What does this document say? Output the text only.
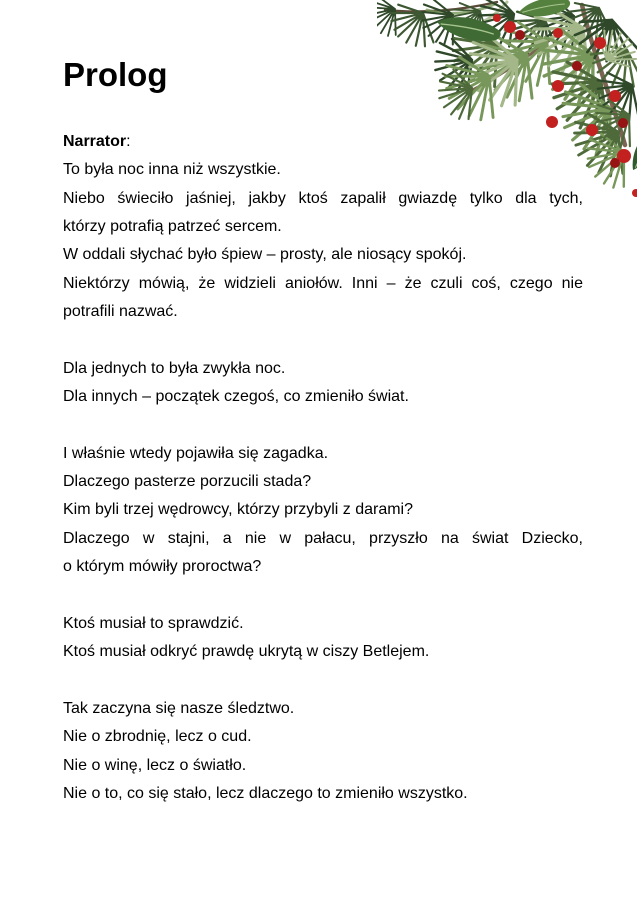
Prolog
Narrator:
To była noc inna niż wszystkie.
Niebo świeciło jaśniej, jakby ktoś zapalił gwiazdę tylko dla tych,
którzy potrafią patrzeć sercem.
W oddali słychać było śpiew – prosty, ale niosący spokój.
Niektórzy mówią, że widzieli aniołów. Inni – że czuli coś, czego nie
potrafili nazwać.
Dla jednych to była zwykła noc.
Dla innych – początek czegoś, co zmieniło świat.
I właśnie wtedy pojawiła się zagadka.
Dlaczego pasterze porzucili stada?
Kim byli trzej wędrowcy, którzy przybyli z darami?
Dlaczego w stajni, a nie w pałacu, przyszło na świat Dziecko,
o którym mówiły proroctwa?
Ktoś musiał to sprawdzić.
Ktoś musiał odkryć prawdę ukrytą w ciszy Betlejem.
Tak zaczyna się nasze śledztwo.
Nie o zbrodnię, lecz o cud.
Nie o winę, lecz o światło.
Nie o to, co się stało, lecz dlaczego to zmieniło wszystko.
